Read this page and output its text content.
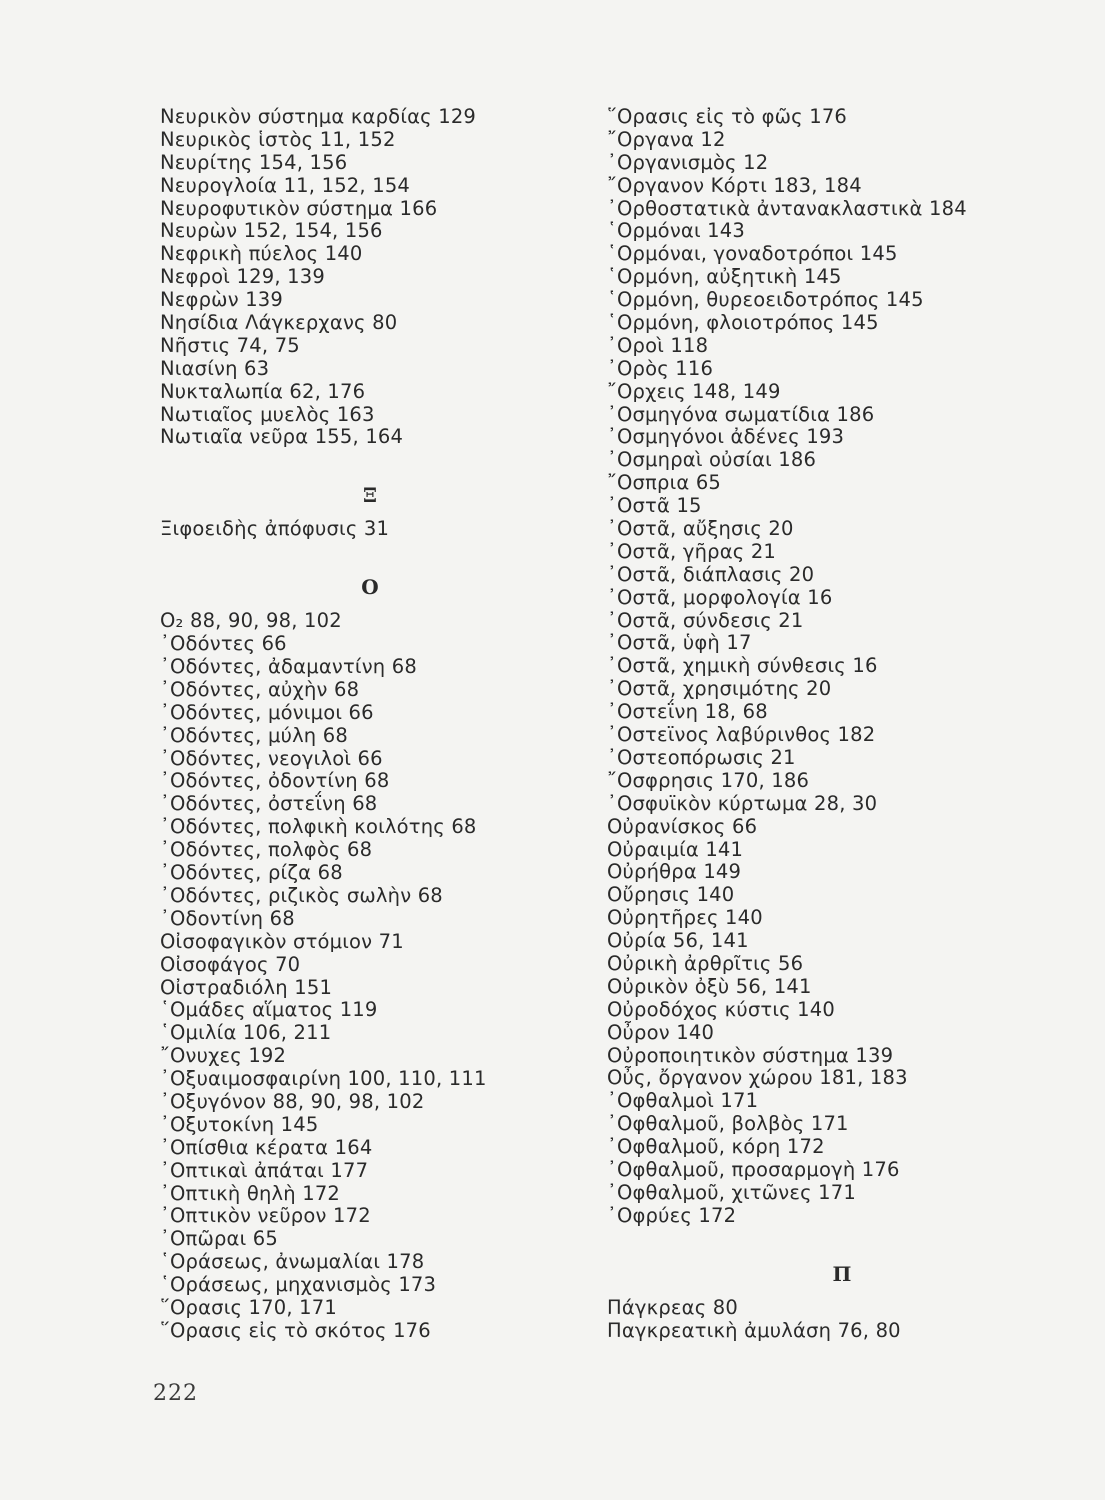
Νευρικὸν σύστημα καρδίας 129
Νευρικὸς ἱστὸς 11, 152
Νευρίτης 154, 156
Νευρογλοία 11, 152, 154
Νευροφυτικὸν σύστημα 166
Νευρὼν 152, 154, 156
Νεφρικὴ πύελος 140
Νεφροὶ 129, 139
Νεφρὼν 139
Νησίδια Λάγκερχανς 80
Νῆστις 74, 75
Νιασίνη 63
Νυκταλωπία 62, 176
Νωτιαῖος μυελὸς 163
Νωτιαῖα νεῦρα 155, 164
Ξ
Ξιφοειδὴς ἀπόφυσις 31
Ο
O₂ 88, 90, 98, 102
᾿Οδόντες 66
᾿Οδόντες, ἀδαμαντίνη 68
᾿Οδόντες, αὐχὴν 68
᾿Οδόντες, μόνιμοι 66
᾿Οδόντες, μύλη 68
᾿Οδόντες, νεογιλοὶ 66
᾿Οδόντες, ὀδοντίνη 68
᾿Οδόντες, ὀστεΐνη 68
᾿Οδόντες, πολφικὴ κοιλότης 68
᾿Οδόντες, πολφὸς 68
᾿Οδόντες, ρίζα 68
᾿Οδόντες, ριζικὸς σωλὴν 68
᾿Οδοντίνη 68
Οἰσοφαγικὸν στόμιον 71
Οἰσοφάγος 70
Οἰστραδιόλη 151
῾Ομάδες αἵματος 119
῾Ομιλία 106, 211
῎Ονυχες 192
᾿Οξυαιμοσφαιρίνη 100, 110, 111
᾿Οξυγόνον 88, 90, 98, 102
᾿Οξυτοκίνη 145
᾿Οπίσθια κέρατα 164
᾿Οπτικαὶ ἀπάται 177
᾿Οπτικὴ θηλὴ 172
᾿Οπτικὸν νεῦρον 172
᾿Οπῶραι 65
῾Οράσεως, ἀνωμαλίαι 178
῾Οράσεως, μηχανισμὸς 173
῞Ορασις 170, 171
῞Ορασις εἰς τὸ σκότος 176
῞Ορασις εἰς τὸ φῶς 176
῎Οργανα 12
᾿Οργανισμὸς 12
῎Οργανον Κόρτι 183, 184
᾿Ορθοστατικὰ ἀντανακλαστικὰ 184
῾Ορμόναι 143
῾Ορμόναι, γοναδοτρόποι 145
῾Ορμόνη, αὐξητικὴ 145
῾Ορμόνη, θυρεοειδοτρόπος 145
῾Ορμόνη, φλοιοτρόπος 145
᾿Οροὶ 118
᾿Ορὸς 116
῎Ορχεις 148, 149
᾿Οσμηγόνα σωματίδια 186
᾿Οσμηγόνοι ἀδένες 193
᾿Οσμηραὶ οὐσίαι 186
῎Οσπρια 65
᾿Οστᾶ 15
᾿Οστᾶ, αὔξησις 20
᾿Οστᾶ, γῆρας 21
᾿Οστᾶ, διάπλασις 20
᾿Οστᾶ, μορφολογία 16
᾿Οστᾶ, σύνδεσις 21
᾿Οστᾶ, ὑφὴ 17
᾿Οστᾶ, χημικὴ σύνθεσις 16
᾿Οστᾶ, χρησιμότης 20
᾿Οστεΐνη 18, 68
᾿Οστεϊνος λαβύρινθος 182
᾿Οστεοπόρωσις 21
῎Οσφρησις 170, 186
᾿Οσφυϊκὸν κύρτωμα 28, 30
Οὐρανίσκος 66
Οὐραιμία 141
Οὐρήθρα 149
Οὔρησις 140
Οὐρητῆρες 140
Οὐρία 56, 141
Οὐρικὴ ἀρθρῖτις 56
Οὐρικὸν ὀξὺ 56, 141
Οὐροδόχος κύστις 140
Οὖρον 140
Οὐροποιητικὸν σύστημα 139
Οὖς, ὄργανον χώρου 181, 183
᾿Οφθαλμοὶ 171
᾿Οφθαλμοῦ, βολβὸς 171
᾿Οφθαλμοῦ, κόρη 172
᾿Οφθαλμοῦ, προσαρμογὴ 176
᾿Οφθαλμοῦ, χιτῶνες 171
᾿Οφρύες 172
Π
Πάγκρεας 80
Παγκρεατικὴ ἀμυλάση 76, 80
222
